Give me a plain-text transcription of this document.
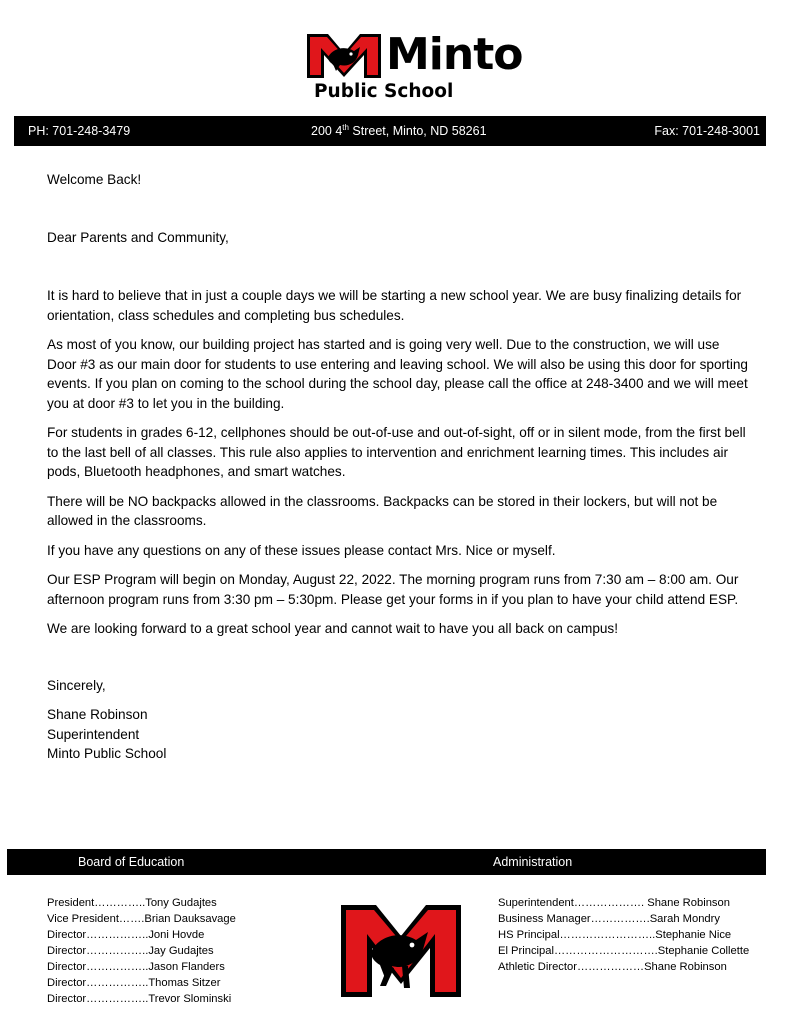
Minto
Public School
PH: 701-248-3479	200 4th Street, Minto, ND 58261	Fax: 701-248-3001

Welcome Back!

Dear Parents and Community,

It is hard to believe that in just a couple days we will be starting a new school year. We are busy finalizing details for orientation, class schedules and completing bus schedules.

As most of you know, our building project has started and is going very well. Due to the construction, we will use Door #3 as our main door for students to use entering and leaving school. We will also be using this door for sporting events. If you plan on coming to the school during the school day, please call the office at 248-3400 and we will meet you at door #3 to let you in the building.

For students in grades 6-12, cellphones should be out-of-use and out-of-sight, off or in silent mode, from the first bell to the last bell of all classes. This rule also applies to intervention and enrichment learning times. This includes air pods, Bluetooth headphones, and smart watches.

There will be NO backpacks allowed in the classrooms. Backpacks can be stored in their lockers, but will not be allowed in the classrooms.

If you have any questions on any of these issues please contact Mrs. Nice or myself.

Our ESP Program will begin on Monday, August 22, 2022. The morning program runs from 7:30 am – 8:00 am. Our afternoon program runs from 3:30 pm – 5:30pm. Please get your forms in if you plan to have your child attend ESP.

We are looking forward to a great school year and cannot wait to have you all back on campus!

Sincerely,

Shane Robinson

Superintendent

Minto Public School

Board of Education	Administration
President…………..Tony Gudajtes
Vice President…….Brian Dauksavage
Director……………..Joni Hovde
Director……………..Jay Gudajtes
Director……………..Jason Flanders
Director……………..Thomas Sitzer
Director……………..Trevor Slominski
Superintendent………………. Shane Robinson
Business Manager…………….Sarah Mondry
HS Principal……………………..Stephanie Nice
El Principal……………………….Stephanie Collette
Athletic Director………………Shane Robinson
